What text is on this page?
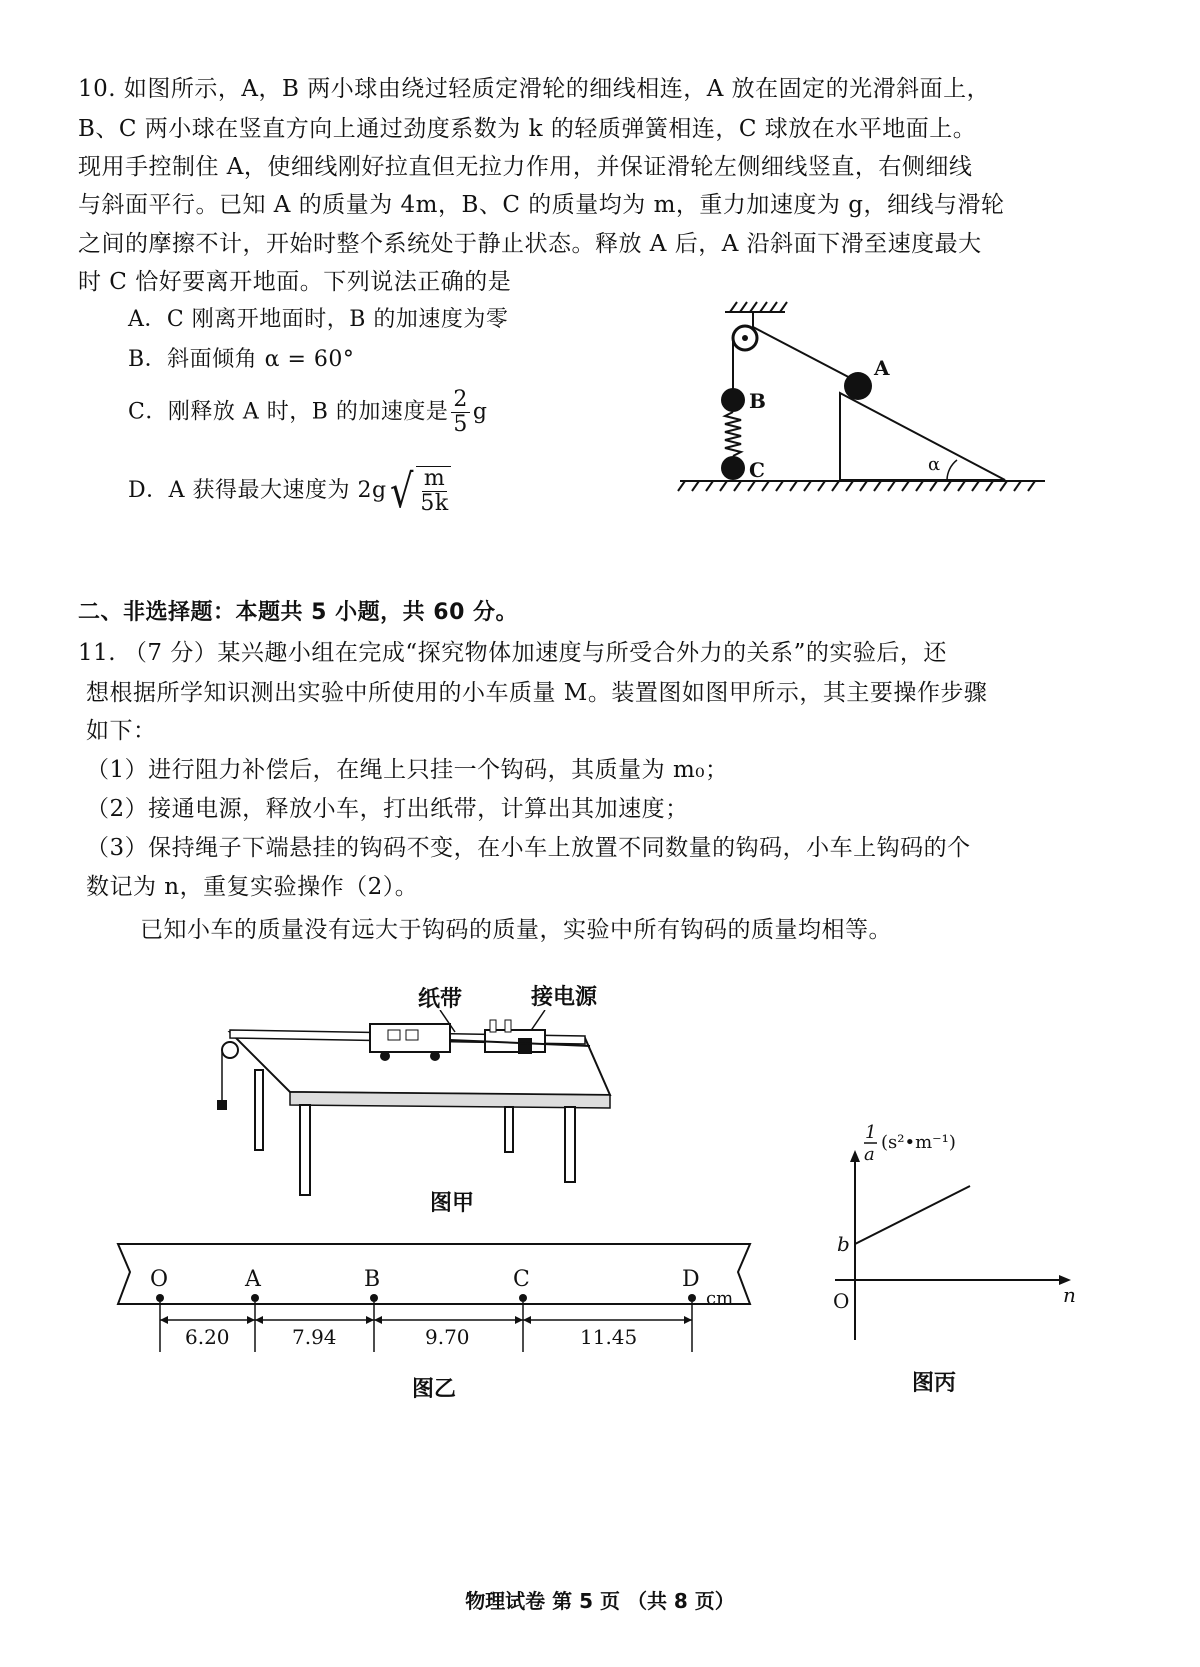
10. 如图所示，A，B 两小球由绕过轻质定滑轮的细线相连，A 放在固定的光滑斜面上，
B、C 两小球在竖直方向上通过劲度系数为 k 的轻质弹簧相连，C 球放在水平地面上。
现用手控制住 A，使细线刚好拉直但无拉力作用，并保证滑轮左侧细线竖直，右侧细线
与斜面平行。已知 A 的质量为 4m，B、C 的质量均为 m，重力加速度为 g，细线与滑轮
之间的摩擦不计，开始时整个系统处于静止状态。释放 A 后，A 沿斜面下滑至速度最大
时 C 恰好要离开地面。下列说法正确的是
A．C 刚离开地面时，B 的加速度为零
B．斜面倾角 α = 60°
C．刚释放 A 时，B 的加速度是 $\frac{2}{5}$ g
D．A 获得最大速度为 2g √ $\frac{m}{5k}$
B
C	α
A
二、非选择题：本题共 5 小题，共 60 分。
11. （7 分）某兴趣小组在完成“探究物体加速度与所受合外力的关系”的实验后，还
想根据所学知识测出实验中所使用的小车质量 M。装置图如图甲所示，其主要操作步骤
如下：
（1）进行阻力补偿后，在绳上只挂一个钩码，其质量为 m₀；
（2）接通电源，释放小车，打出纸带，计算出其加速度；
（3）保持绳子下端悬挂的钩码不变，在小车上放置不同数量的钩码，小车上钩码的个
数记为 n，重复实验操作（2）。
已知小车的质量没有远大于钩码的质量，实验中所有钩码的质量均相等。
纸带	接电源
图甲
O	A	B	C	D
cm
6.20	7.94	9.70	11.45
图乙
1
a
(s²•m⁻¹)
b
O	n
图丙
物理试卷 第 5 页 （共 8 页）
